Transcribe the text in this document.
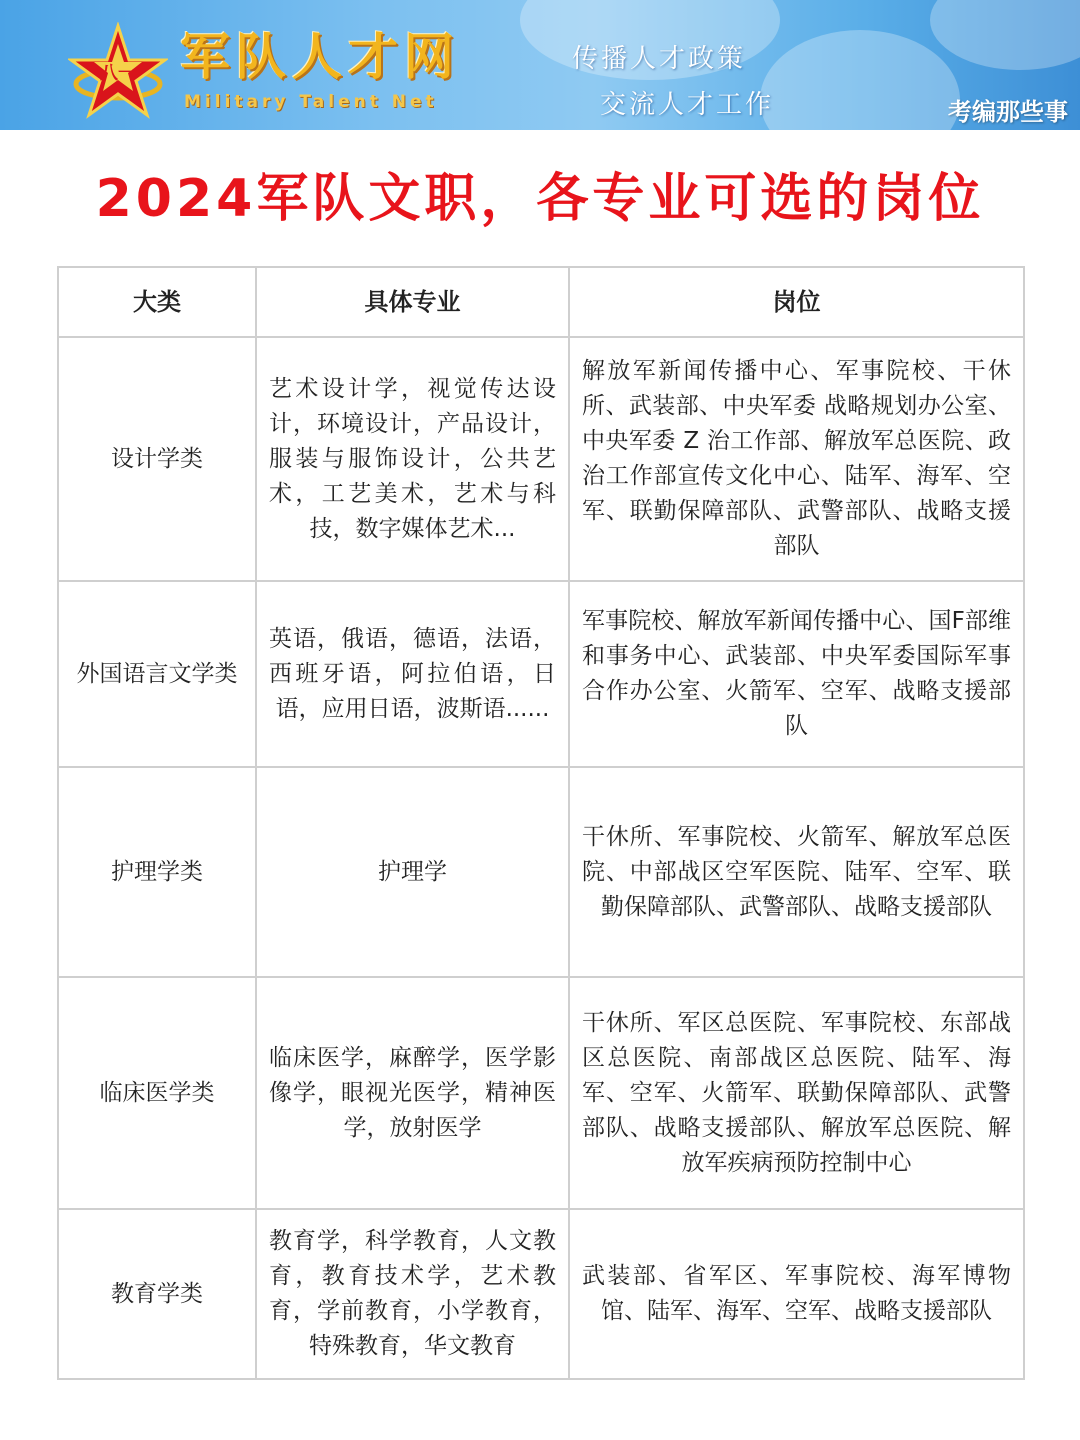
八一 军队人才网
Military Talent Net
传播人才政策
交流人才工作	考编那些事
2024军队文职，各专业可选的岗位
大类	具体专业	岗位
设计学类	艺术设计学，视觉传达设计，环境设计，产品设计，服装与服饰设计，公共艺术，工艺美术，艺术与科技，数字媒体艺术...	解放军新闻传播中心、军事院校、干休所、武装部、中央军委 战略规划办公室、中央军委 Z 治工作部、解放军总医院、政治工作部宣传文化中心、陆军、海军、空军、联勤保障部队、武警部队、战略支援部队
外国语言文学类	英语，俄语，德语，法语，西班牙语，阿拉伯语，日语，应用日语，波斯语......	军事院校、解放军新闻传播中心、国F部维和事务中心、武装部、中央军委国际军事合作办公室、火箭军、空军、战略支援部队
护理学类	护理学	干休所、军事院校、火箭军、解放军总医院、中部战区空军医院、陆军、空军、联勤保障部队、武警部队、战略支援部队
临床医学类	临床医学，麻醉学，医学影像学，眼视光医学，精神医学，放射医学	干休所、军区总医院、军事院校、东部战区总医院、南部战区总医院、陆军、海军、空军、火箭军、联勤保障部队、武警部队、战略支援部队、解放军总医院、解放军疾病预防控制中心
教育学类	教育学，科学教育，人文教育，教育技术学，艺术教育，学前教育，小学教育，特殊教育，华文教育	武装部、省军区、军事院校、海军博物馆、陆军、海军、空军、战略支援部队
